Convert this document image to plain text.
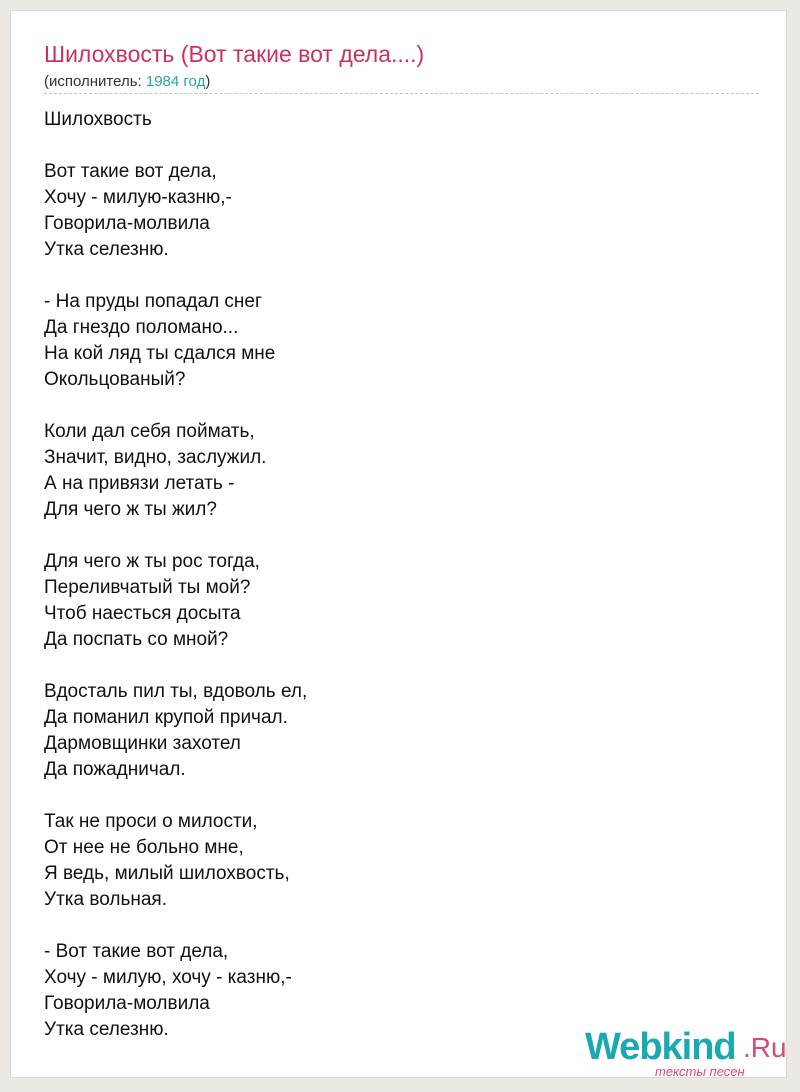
Шилохвость (Вот такие вот дела....)
(исполнитель: 1984 год)

Шилохвость

Вот такие вот дела,
Хочу - милую-казню,-
Говорила-молвила
Утка селезню.

- На пруды попадал снег
Да гнездо поломано...
На кой ляд ты сдался мне
Окольцованый?

Коли дал себя поймать,
Значит, видно, заслужил.
А на привязи летать -
Для чего ж ты жил?

Для чего ж ты рос тогда,
Переливчатый ты мой?
Чтоб наесться досыта
Да поспать со мной?

Вдосталь пил ты, вдоволь ел,
Да поманил крупой причал.
Дармовщинки захотел
Да пожадничал.

Так не проси о милости,
От нее не больно мне,
Я ведь, милый шилохвость,
Утка вольная.

- Вот такие вот дела,
Хочу - милую, хочу - казню,-
Говорила-молвила
Утка селезню.	Webkind .Ru
тексты песен
